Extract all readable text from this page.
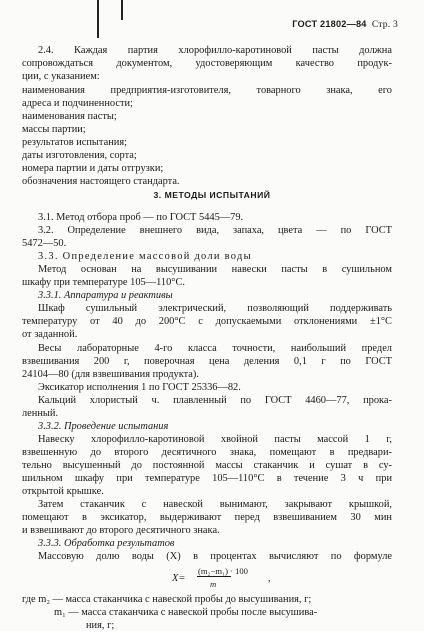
ГОСТ 21802—84 Стр. 3
2.4. Каждая партия хлорофилло-каротиновой пасты должна
сопровождаться документом, удостоверяющим качество продук-
ции, с указанием:
наименования предприятия-изготовителя, товарного знака, его
адреса и подчиненности;
наименования пасты;
массы партии;
результатов испытания;
даты изготовления, сорта;
номера партии и даты отгрузки;
обозначения настоящего стандарта.
3. МЕТОДЫ ИСПЫТАНИЙ
3.1. Метод отбора проб — по ГОСТ 5445—79.
3.2. Определение внешнего вида, запаха, цвета — по ГОСТ
5472—50.
3.3. Определение массовой доли воды
Метод основан на высушивании навески пасты в сушильном
шкафу при температуре 105—110°С.
3.3.1. Аппаратура и реактивы
Шкаф сушильный электрический, позволяющий поддерживать
температуру от 40 до 200°С с допускаемыми отклонениями ±1°С
от заданной.
Весы лабораторные 4-го класса точности, наибольший предел
взвешивания 200 г, поверочная цена деления 0,1 г по ГОСТ
24104—80 (для взвешивания продукта).
Эксикатор исполнения 1 по ГОСТ 25336—82.
Кальций хлористый ч. плавленный по ГОСТ 4460—77, прока-
ленный.
3.3.2. Проведение испытания
Навеску хлорофилло-каротиновой хвойной пасты массой 1 г,
взвешенную до второго десятичного знака, помещают в предвари-
тельно высушенный до постоянной массы стаканчик и сушат в су-
шильном шкафу при температуре 105—110°С в течение 3 ч при
открытой крышке.
Затем стаканчик с навеской вынимают, закрывают крышкой,
помещают в эксикатор, выдерживают перед взвешиванием 30 мин
и взвешивают до второго десятичного знака.
3.3.3. Обработка результатов
Массовую долю воды (X) в процентах вычисляют по формуле
X=
(m₂−m₁) · 100
m	,
где m₂ — масса стаканчика с навеской пробы до высушивания, г;
m₁ — масса стаканчика с навеской пробы после высушива-
ния, г;
